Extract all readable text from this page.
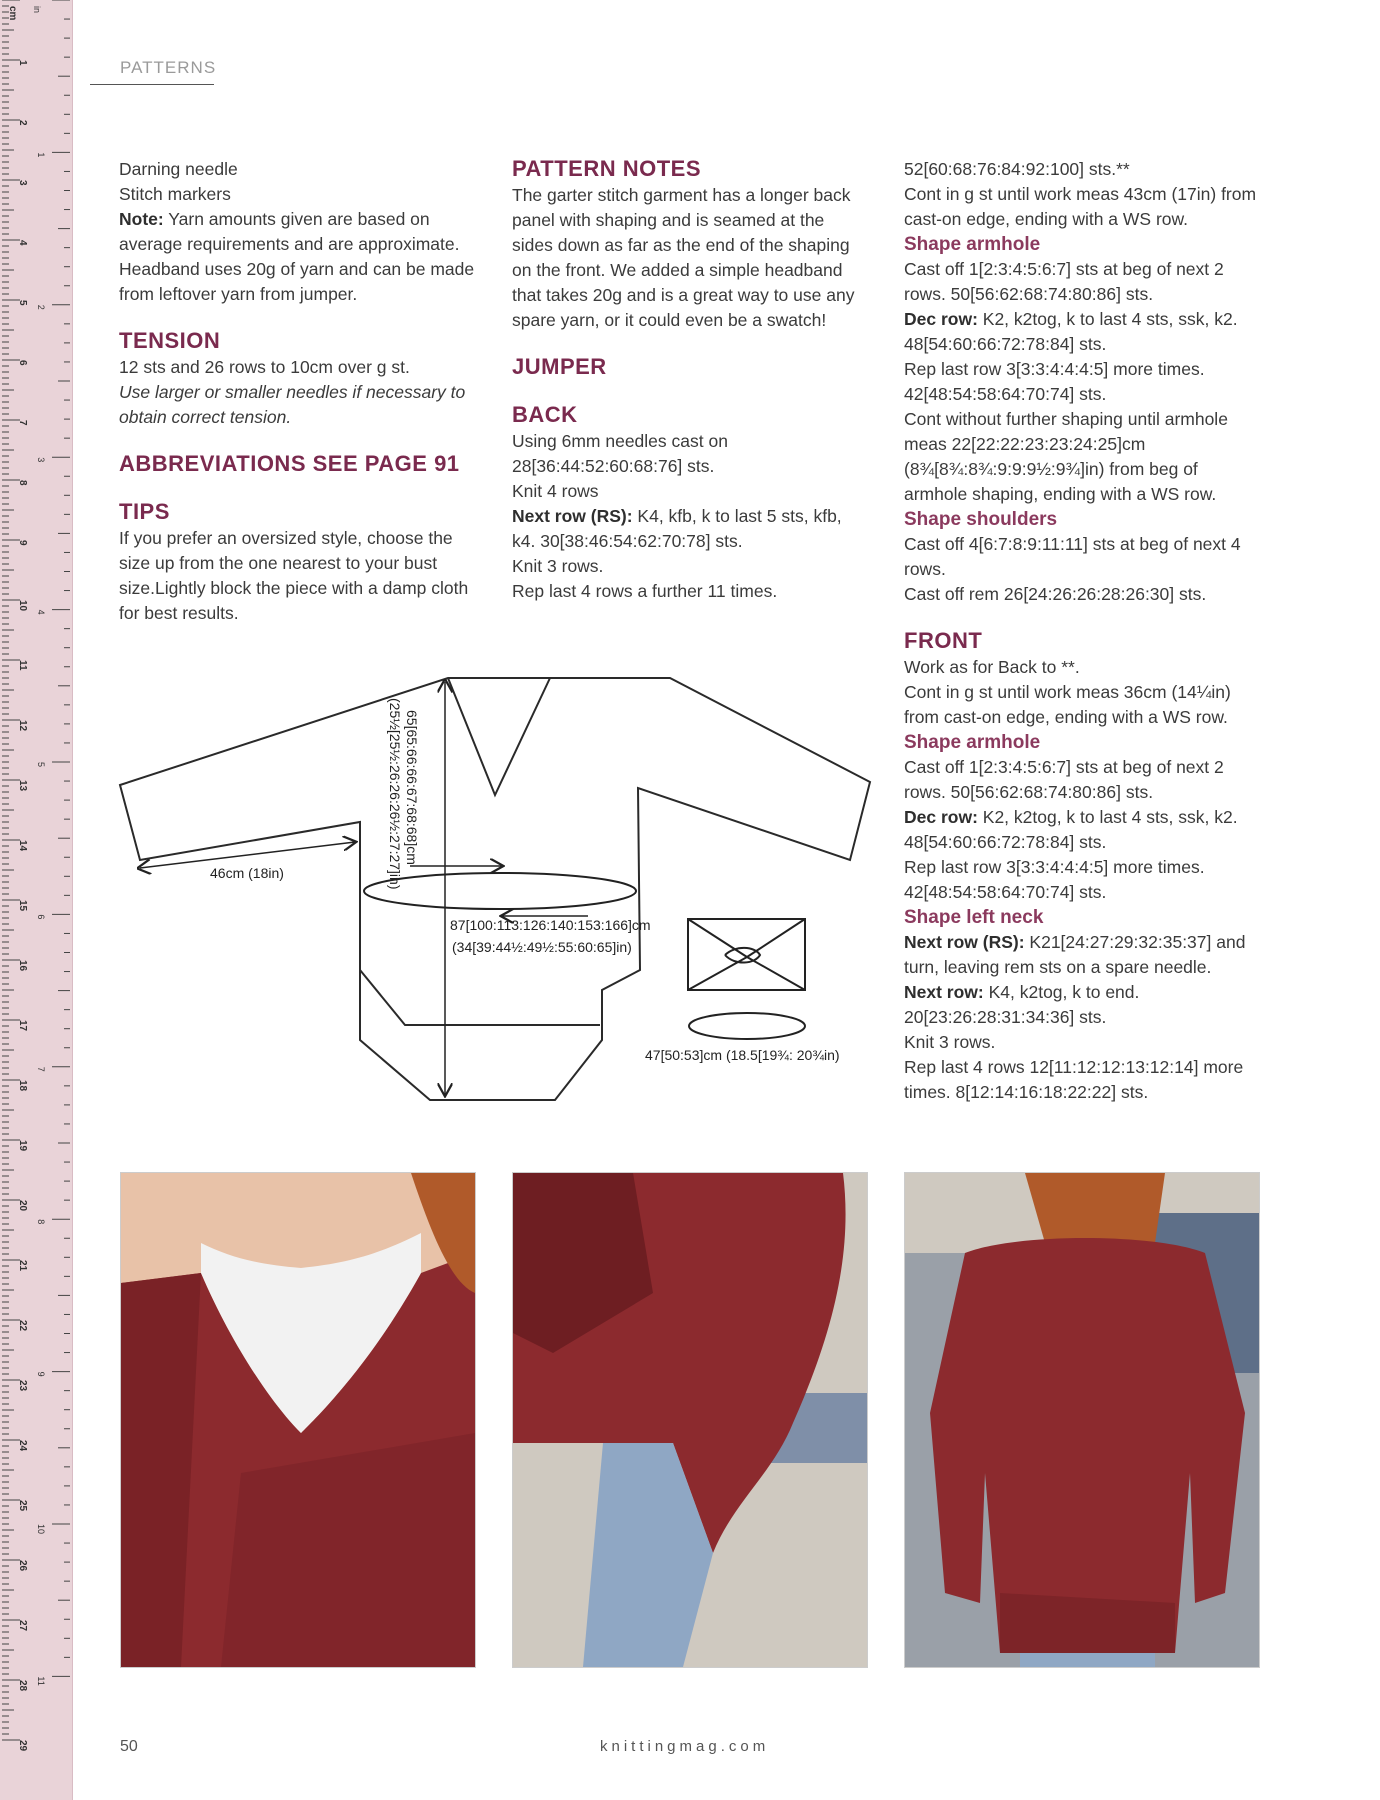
cm in
1
2
3
4
5
6
7
8
9
10
11
12
13
14
15
16
17
18
19
20
21
22
23
24
25
26
27
28
29
1
2
3
4
5
6
7
8
9
10
11
PATTERNS

Darning needle

Stitch markers

Note: Yarn amounts given are based on average requirements and are approximate. Headband uses 20g of yarn and can be made from leftover yarn from jumper.

TENSION

12 sts and 26 rows to 10cm over g st.

Use larger or smaller needles if necessary to obtain correct tension.

ABBREVIATIONS SEE PAGE 91

TIPS

If you prefer an oversized style, choose the size up from the one nearest to your bust size.Lightly block the piece with a damp cloth for best results.

PATTERN NOTES

The garter stitch garment has a longer back panel with shaping and is seamed at the sides down as far as the end of the shaping on the front. We added a simple headband that takes 20g and is a great way to use any spare yarn, or it could even be a swatch!

JUMPER

BACK

Using 6mm needles cast on 28[36:44:52:60:68:76] sts.

Knit 4 rows

Next row (RS): K4, kfb, k to last 5 sts, kfb, k4. 30[38:46:54:62:70:78] sts.

Knit 3 rows.

Rep last 4 rows a further 11 times.

52[60:68:76:84:92:100] sts.**

Cont in g st until work meas 43cm (17in) from cast-on edge, ending with a WS row.

Shape armhole

Cast off 1[2:3:4:5:6:7] sts at beg of next 2 rows. 50[56:62:68:74:80:86] sts.

Dec row: K2, k2tog, k to last 4 sts, ssk, k2. 48[54:60:66:72:78:84] sts.

Rep last row 3[3:3:4:4:4:5] more times. 42[48:54:58:64:70:74] sts.

Cont without further shaping until armhole meas 22[22:22:23:23:24:25]cm (8¾[8¾:8¾:9:9:9½:9¾]in) from beg of armhole shaping, ending with a WS row.

Shape shoulders

Cast off 4[6:7:8:9:11:11] sts at beg of next 4 rows.

Cast off rem 26[24:26:26:28:26:30] sts.

FRONT

Work as for Back to **.

Cont in g st until work meas 36cm (14¼in) from cast-on edge, ending with a WS row.

Shape armhole

Cast off 1[2:3:4:5:6:7] sts at beg of next 2 rows. 50[56:62:68:74:80:86] sts.

Dec row: K2, k2tog, k to last 4 sts, ssk, k2. 48[54:60:66:72:78:84] sts.

Rep last row 3[3:3:4:4:4:5] more times. 42[48:54:58:64:70:74] sts.

Shape left neck

Next row (RS): K21[24:27:29:32:35:37] and turn, leaving rem sts on a spare needle.

Next row: K4, k2tog, k to end. 20[23:26:28:31:34:36] sts.

Knit 3 rows.

Rep last 4 rows 12[11:12:12:13:12:14] more times. 8[12:14:16:18:22:22] sts.

46cm (18in)
65[65:66:66:67:68:68]cm
(25½[25½:26:26:26½:27:27]in)
87[100:113:126:140:153:166]cm
(34[39:44½:49½:55:60:65]in)
47[50:53]cm (18.5[19¾: 20¾in)
50	knittingmag.com
